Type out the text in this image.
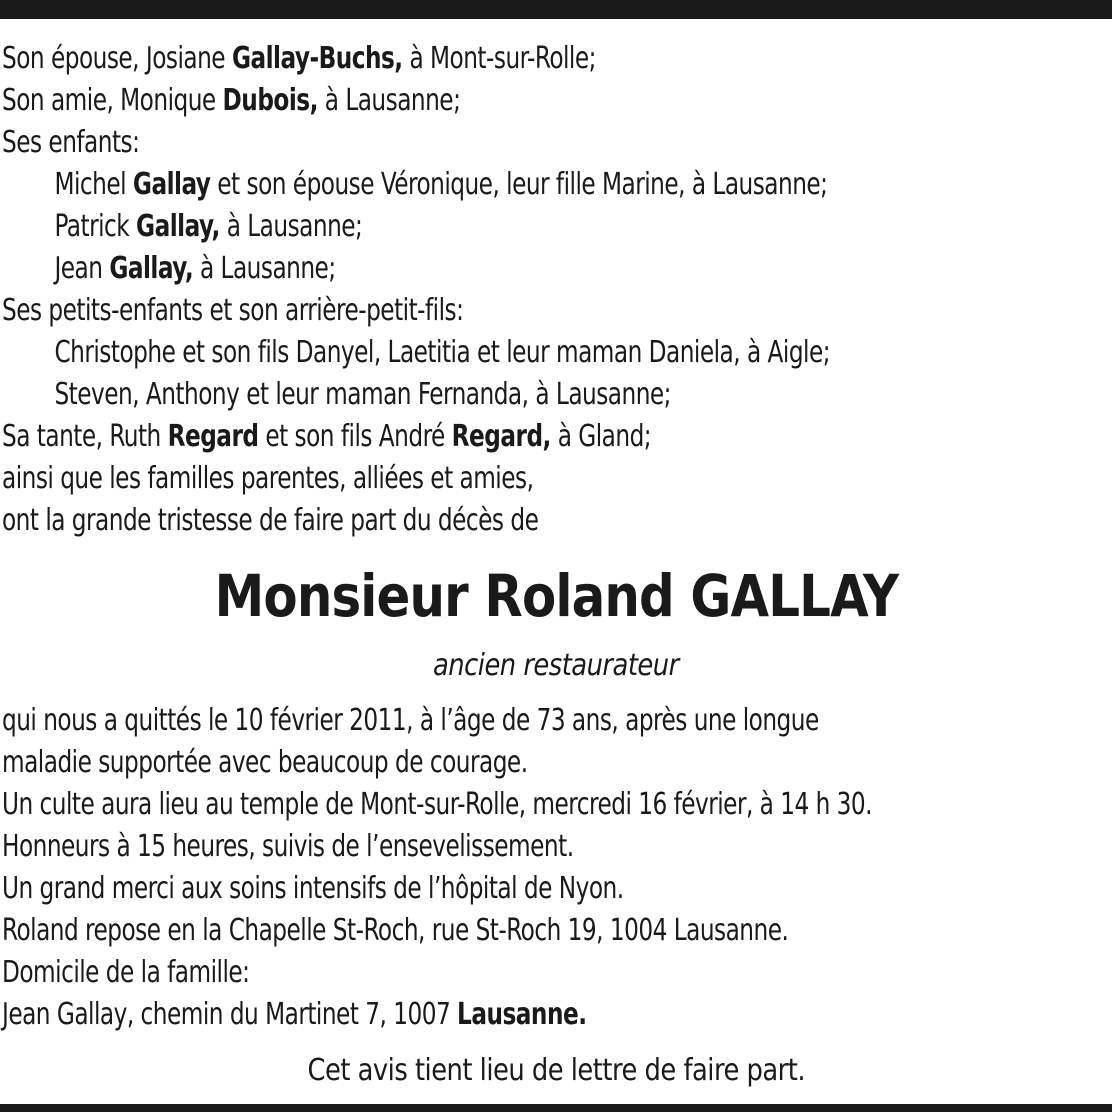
Son épouse, Josiane Gallay-Buchs, à Mont-sur-Rolle;
Son amie, Monique Dubois, à Lausanne;
Ses enfants:
Michel Gallay et son épouse Véronique, leur fille Marine, à Lausanne;
Patrick Gallay, à Lausanne;
Jean Gallay, à Lausanne;
Ses petits-enfants et son arrière-petit-fils:
Christophe et son fils Danyel, Laetitia et leur maman Daniela, à Aigle;
Steven, Anthony et leur maman Fernanda, à Lausanne;
Sa tante, Ruth Regard et son fils André Regard, à Gland;
ainsi que les familles parentes, alliées et amies,
ont la grande tristesse de faire part du décès de
Monsieur Roland GALLAY
ancien restaurateur
qui nous a quittés le 10 février 2011, à l’âge de 73 ans, après une longue
maladie supportée avec beaucoup de courage.
Un culte aura lieu au temple de Mont-sur-Rolle, mercredi 16 février, à 14 h 30.
Honneurs à 15 heures, suivis de l’ensevelissement.
Un grand merci aux soins intensifs de l’hôpital de Nyon.
Roland repose en la Chapelle St-Roch, rue St-Roch 19, 1004 Lausanne.
Domicile de la famille:
Jean Gallay, chemin du Martinet 7, 1007 Lausanne.
Cet avis tient lieu de lettre de faire part.
